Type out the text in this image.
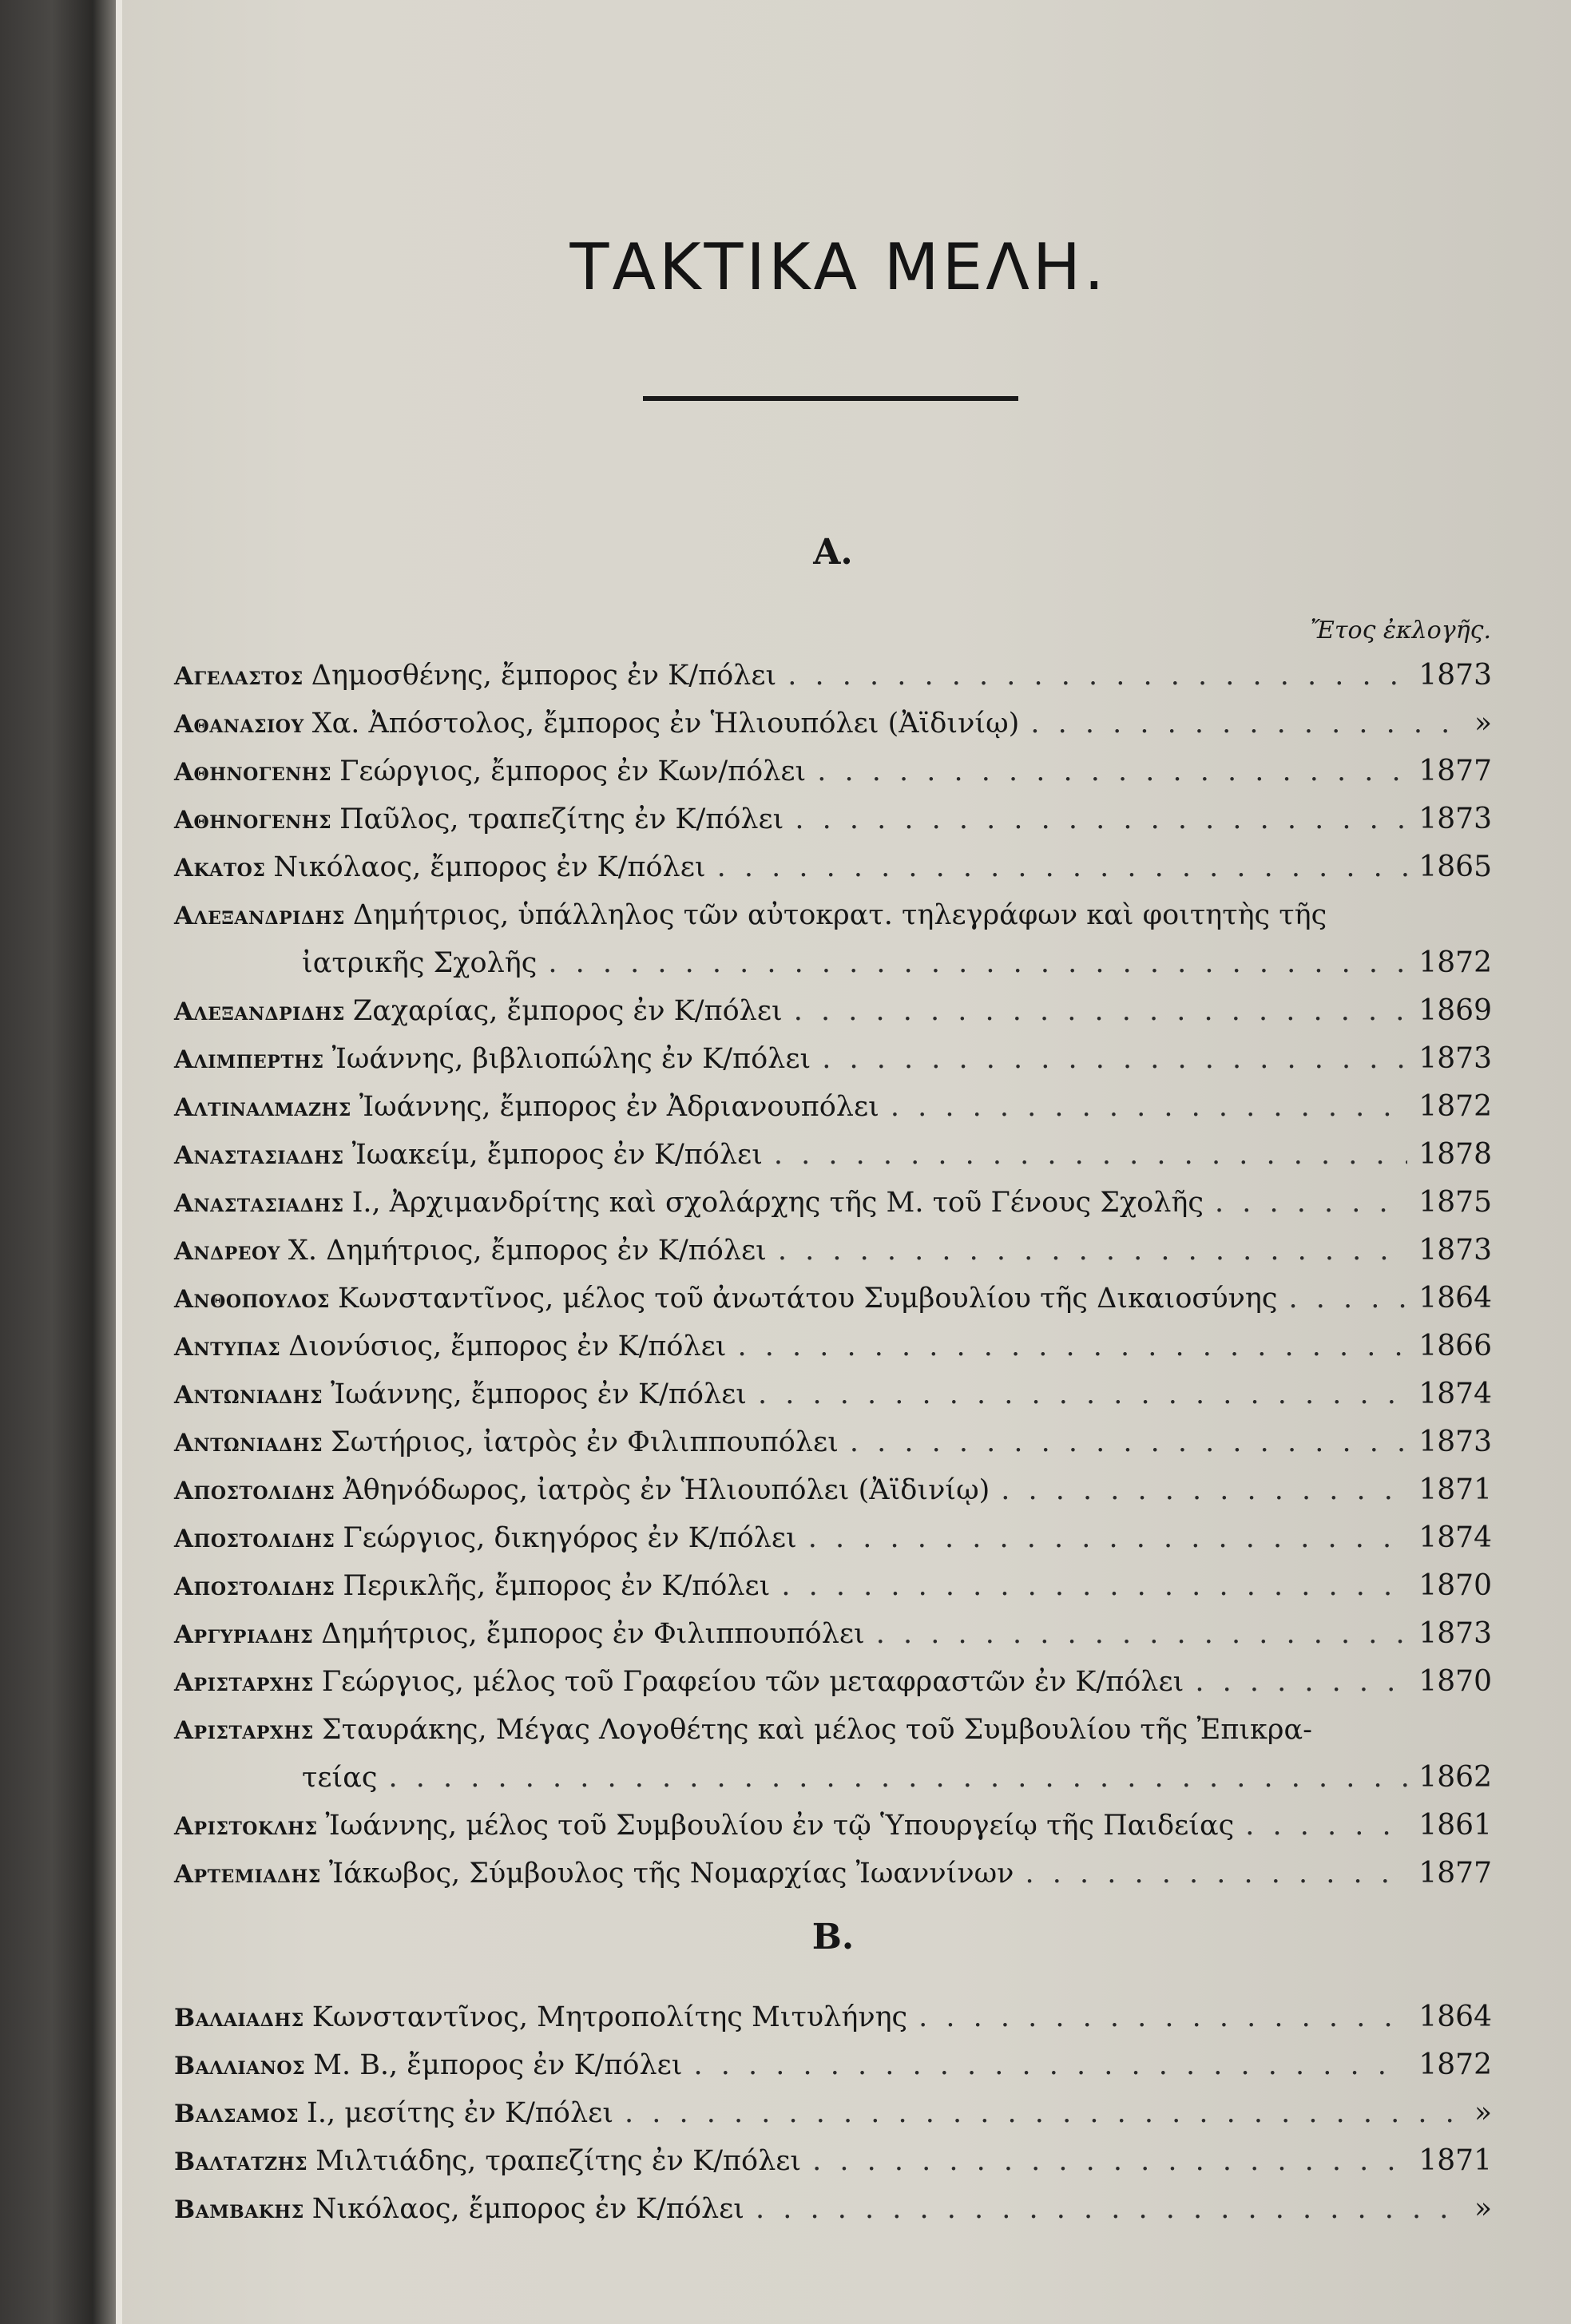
ΤΑΚΤΙΚΑ ΜΕΛΗ.
Α.
Ἔτος ἐκλογῆς.
Αγελαστος Δημοσθένης, ἔμπορος ἐν Κ/πόλει . . .	1873
Αθανασιου Χα. Ἀπόστολος, ἔμπορος ἐν Ἡλιουπόλει (Ἀϊδινίῳ) . . .	»
Αθηνογενης Γεώργιος, ἔμπορος ἐν Κων/πόλει . . .	1877
Αθηνογενης Παῦλος, τραπεζίτης ἐν Κ/πόλει . . .	1873
Ακατος Νικόλαος, ἔμπορος ἐν Κ/πόλει . . .	1865
Αλεξανδριδης Δημήτριος, ὑπάλληλος τῶν αὐτοκρατ. τηλεγράφων καὶ φοιτητὴς τῆς
ἰατρικῆς Σχολῆς . . .	1872
Αλεξανδριδης Ζαχαρίας, ἔμπορος ἐν Κ/πόλει . . .	1869
Αλιμπερτης Ἰωάννης, βιβλιοπώλης ἐν Κ/πόλει . . .	1873
Αλτιναλμαζης Ἰωάννης, ἔμπορος ἐν Ἀδριανουπόλει . . .	1872
Αναστασιαδης Ἰωακείμ, ἔμπορος ἐν Κ/πόλει . . .	1878
Αναστασιαδης Ι., Ἀρχιμανδρίτης καὶ σχολάρχης τῆς Μ. τοῦ Γένους Σχολῆς . . .	1875
Ανδρεου Χ. Δημήτριος, ἔμπορος ἐν Κ/πόλει . . .	1873
Ανθοπουλος Κωνσταντῖνος, μέλος τοῦ ἀνωτάτου Συμβουλίου τῆς Δικαιοσύνης . . .	1864
Αντυπας Διονύσιος, ἔμπορος ἐν Κ/πόλει . . .	1866
Αντωνιαδης Ἰωάννης, ἔμπορος ἐν Κ/πόλει . . .	1874
Αντωνιαδης Σωτήριος, ἰατρὸς ἐν Φιλιππουπόλει . . .	1873
Αποστολιδης Ἀθηνόδωρος, ἰατρὸς ἐν Ἡλιουπόλει (Ἀϊδινίῳ) . . .	1871
Αποστολιδης Γεώργιος, δικηγόρος ἐν Κ/πόλει . . .	1874
Αποστολιδης Περικλῆς, ἔμπορος ἐν Κ/πόλει . . .	1870
Αργυριαδης Δημήτριος, ἔμπορος ἐν Φιλιππουπόλει . . .	1873
Αρισταρχης Γεώργιος, μέλος τοῦ Γραφείου τῶν μεταφραστῶν ἐν Κ/πόλει . . .	1870
Αρισταρχης Σταυράκης, Μέγας Λογοθέτης καὶ μέλος τοῦ Συμβουλίου τῆς Ἐπικρα-
τείας . . .	1862
Αριστοκλης Ἰωάννης, μέλος τοῦ Συμβουλίου ἐν τῷ Ὑπουργείῳ τῆς Παιδείας . . .	1861
Αρτεμιαδης Ἰάκωβος, Σύμβουλος τῆς Νομαρχίας Ἰωαννίνων . . .	1877
Β.
Βαλαιαδης Κωνσταντῖνος, Μητροπολίτης Μιτυλήνης . . .	1864
Βαλλιανος Μ. Β., ἔμπορος ἐν Κ/πόλει . . .	1872
Βαλσαμος Ι., μεσίτης ἐν Κ/πόλει . . .	»
Βαλτατζης Μιλτιάδης, τραπεζίτης ἐν Κ/πόλει . . .	1871
Βαμβακης Νικόλαος, ἔμπορος ἐν Κ/πόλει . . .	»
